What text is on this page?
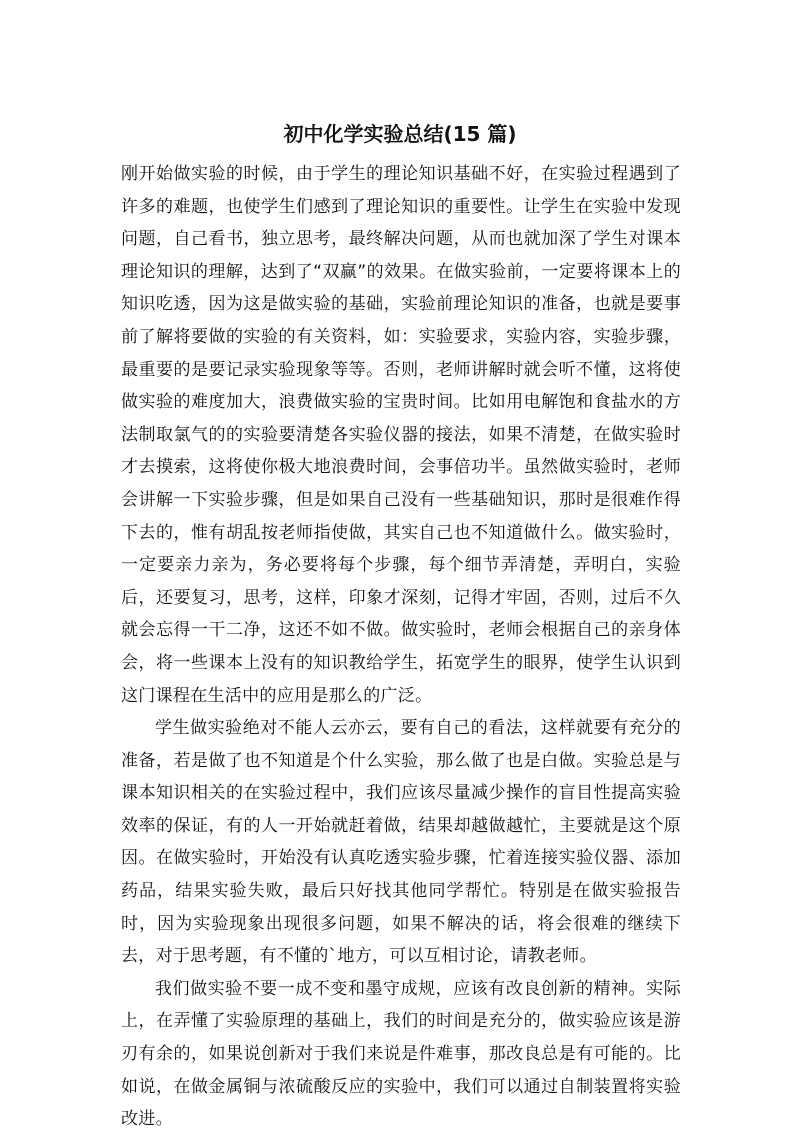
初中化学实验总结(15 篇)

刚开始做实验的时候，由于学生的理论知识基础不好，在实验过程遇到了许多的难题，也使学生们感到了理论知识的重要性。让学生在实验中发现问题，自己看书，独立思考，最终解决问题，从而也就加深了学生对课本理论知识的理解，达到了“双赢”的效果。在做实验前，一定要将课本上的知识吃透，因为这是做实验的基础，实验前理论知识的准备，也就是要事前了解将要做的实验的有关资料，如：实验要求，实验内容，实验步骤，最重要的是要记录实验现象等等。否则，老师讲解时就会听不懂，这将使做实验的难度加大，浪费做实验的宝贵时间。比如用电解饱和食盐水的方法制取氯气的的实验要清楚各实验仪器的接法，如果不清楚，在做实验时才去摸索，这将使你极大地浪费时间，会事倍功半。虽然做实验时，老师会讲解一下实验步骤，但是如果自己没有一些基础知识，那时是很难作得下去的，惟有胡乱按老师指使做，其实自己也不知道做什么。做实验时，一定要亲力亲为，务必要将每个步骤，每个细节弄清楚，弄明白，实验后，还要复习，思考，这样，印象才深刻，记得才牢固，否则，过后不久就会忘得一干二净，这还不如不做。做实验时，老师会根据自己的亲身体会，将一些课本上没有的知识教给学生，拓宽学生的眼界，使学生认识到这门课程在生活中的应用是那么的广泛。

学生做实验绝对不能人云亦云，要有自己的看法，这样就要有充分的准备，若是做了也不知道是个什么实验，那么做了也是白做。实验总是与课本知识相关的在实验过程中，我们应该尽量减少操作的盲目性提高实验效率的保证，有的人一开始就赶着做，结果却越做越忙，主要就是这个原因。在做实验时，开始没有认真吃透实验步骤，忙着连接实验仪器、添加药品，结果实验失败，最后只好找其他同学帮忙。特别是在做实验报告时，因为实验现象出现很多问题，如果不解决的话，将会很难的继续下去，对于思考题，有不懂的`地方，可以互相讨论，请教老师。

我们做实验不要一成不变和墨守成规，应该有改良创新的精神。实际上，在弄懂了实验原理的基础上，我们的时间是充分的，做实验应该是游刃有余的，如果说创新对于我们来说是件难事，那改良总是有可能的。比如说，在做金属铜与浓硫酸反应的实验中，我们可以通过自制装置将实验改进。
